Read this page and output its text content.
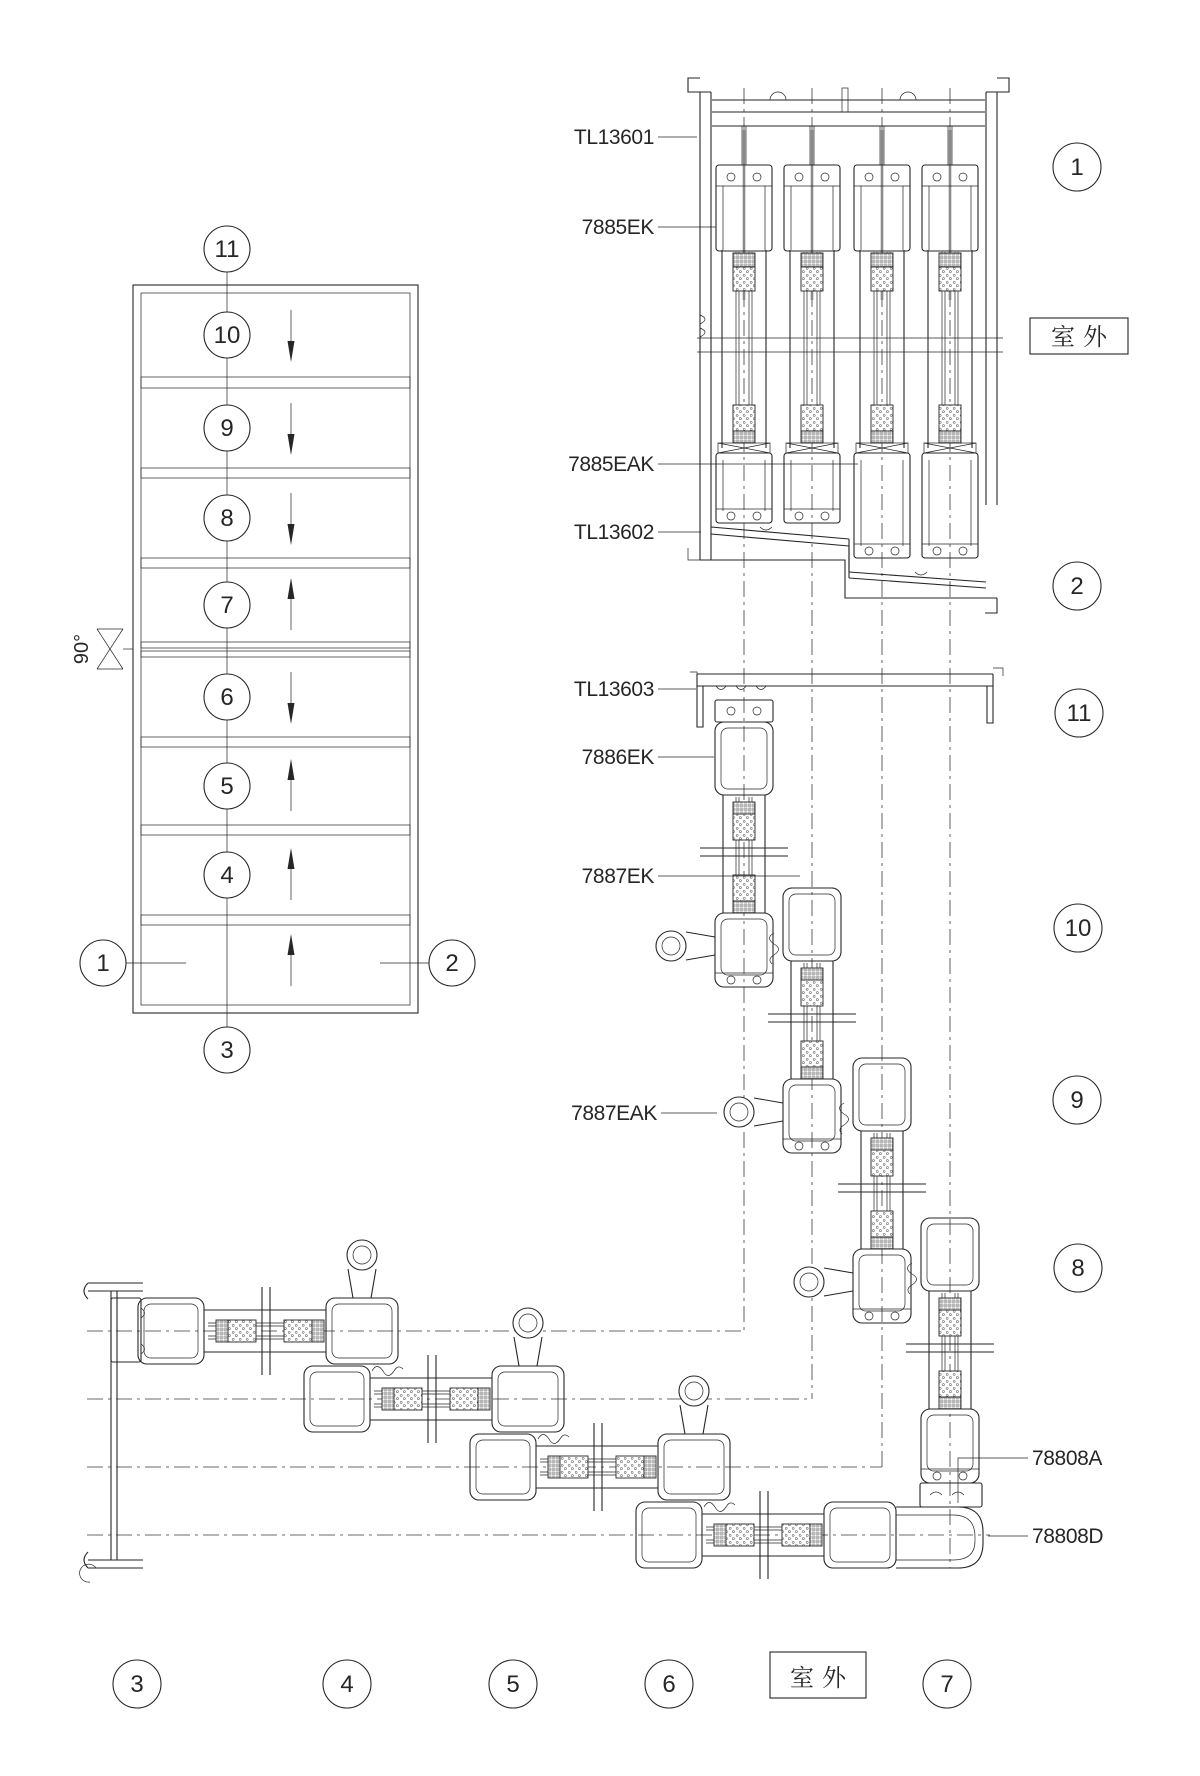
10
9
8
7
6
5
4
11
3
1	2
90°
TL13601
7885EK
7885EAK
TL13602
TL13603
7886EK
7887EK
7887EAK
78808A
78808D
1
2
11
10
9
8
3	4	5	6	7
室外
室外
